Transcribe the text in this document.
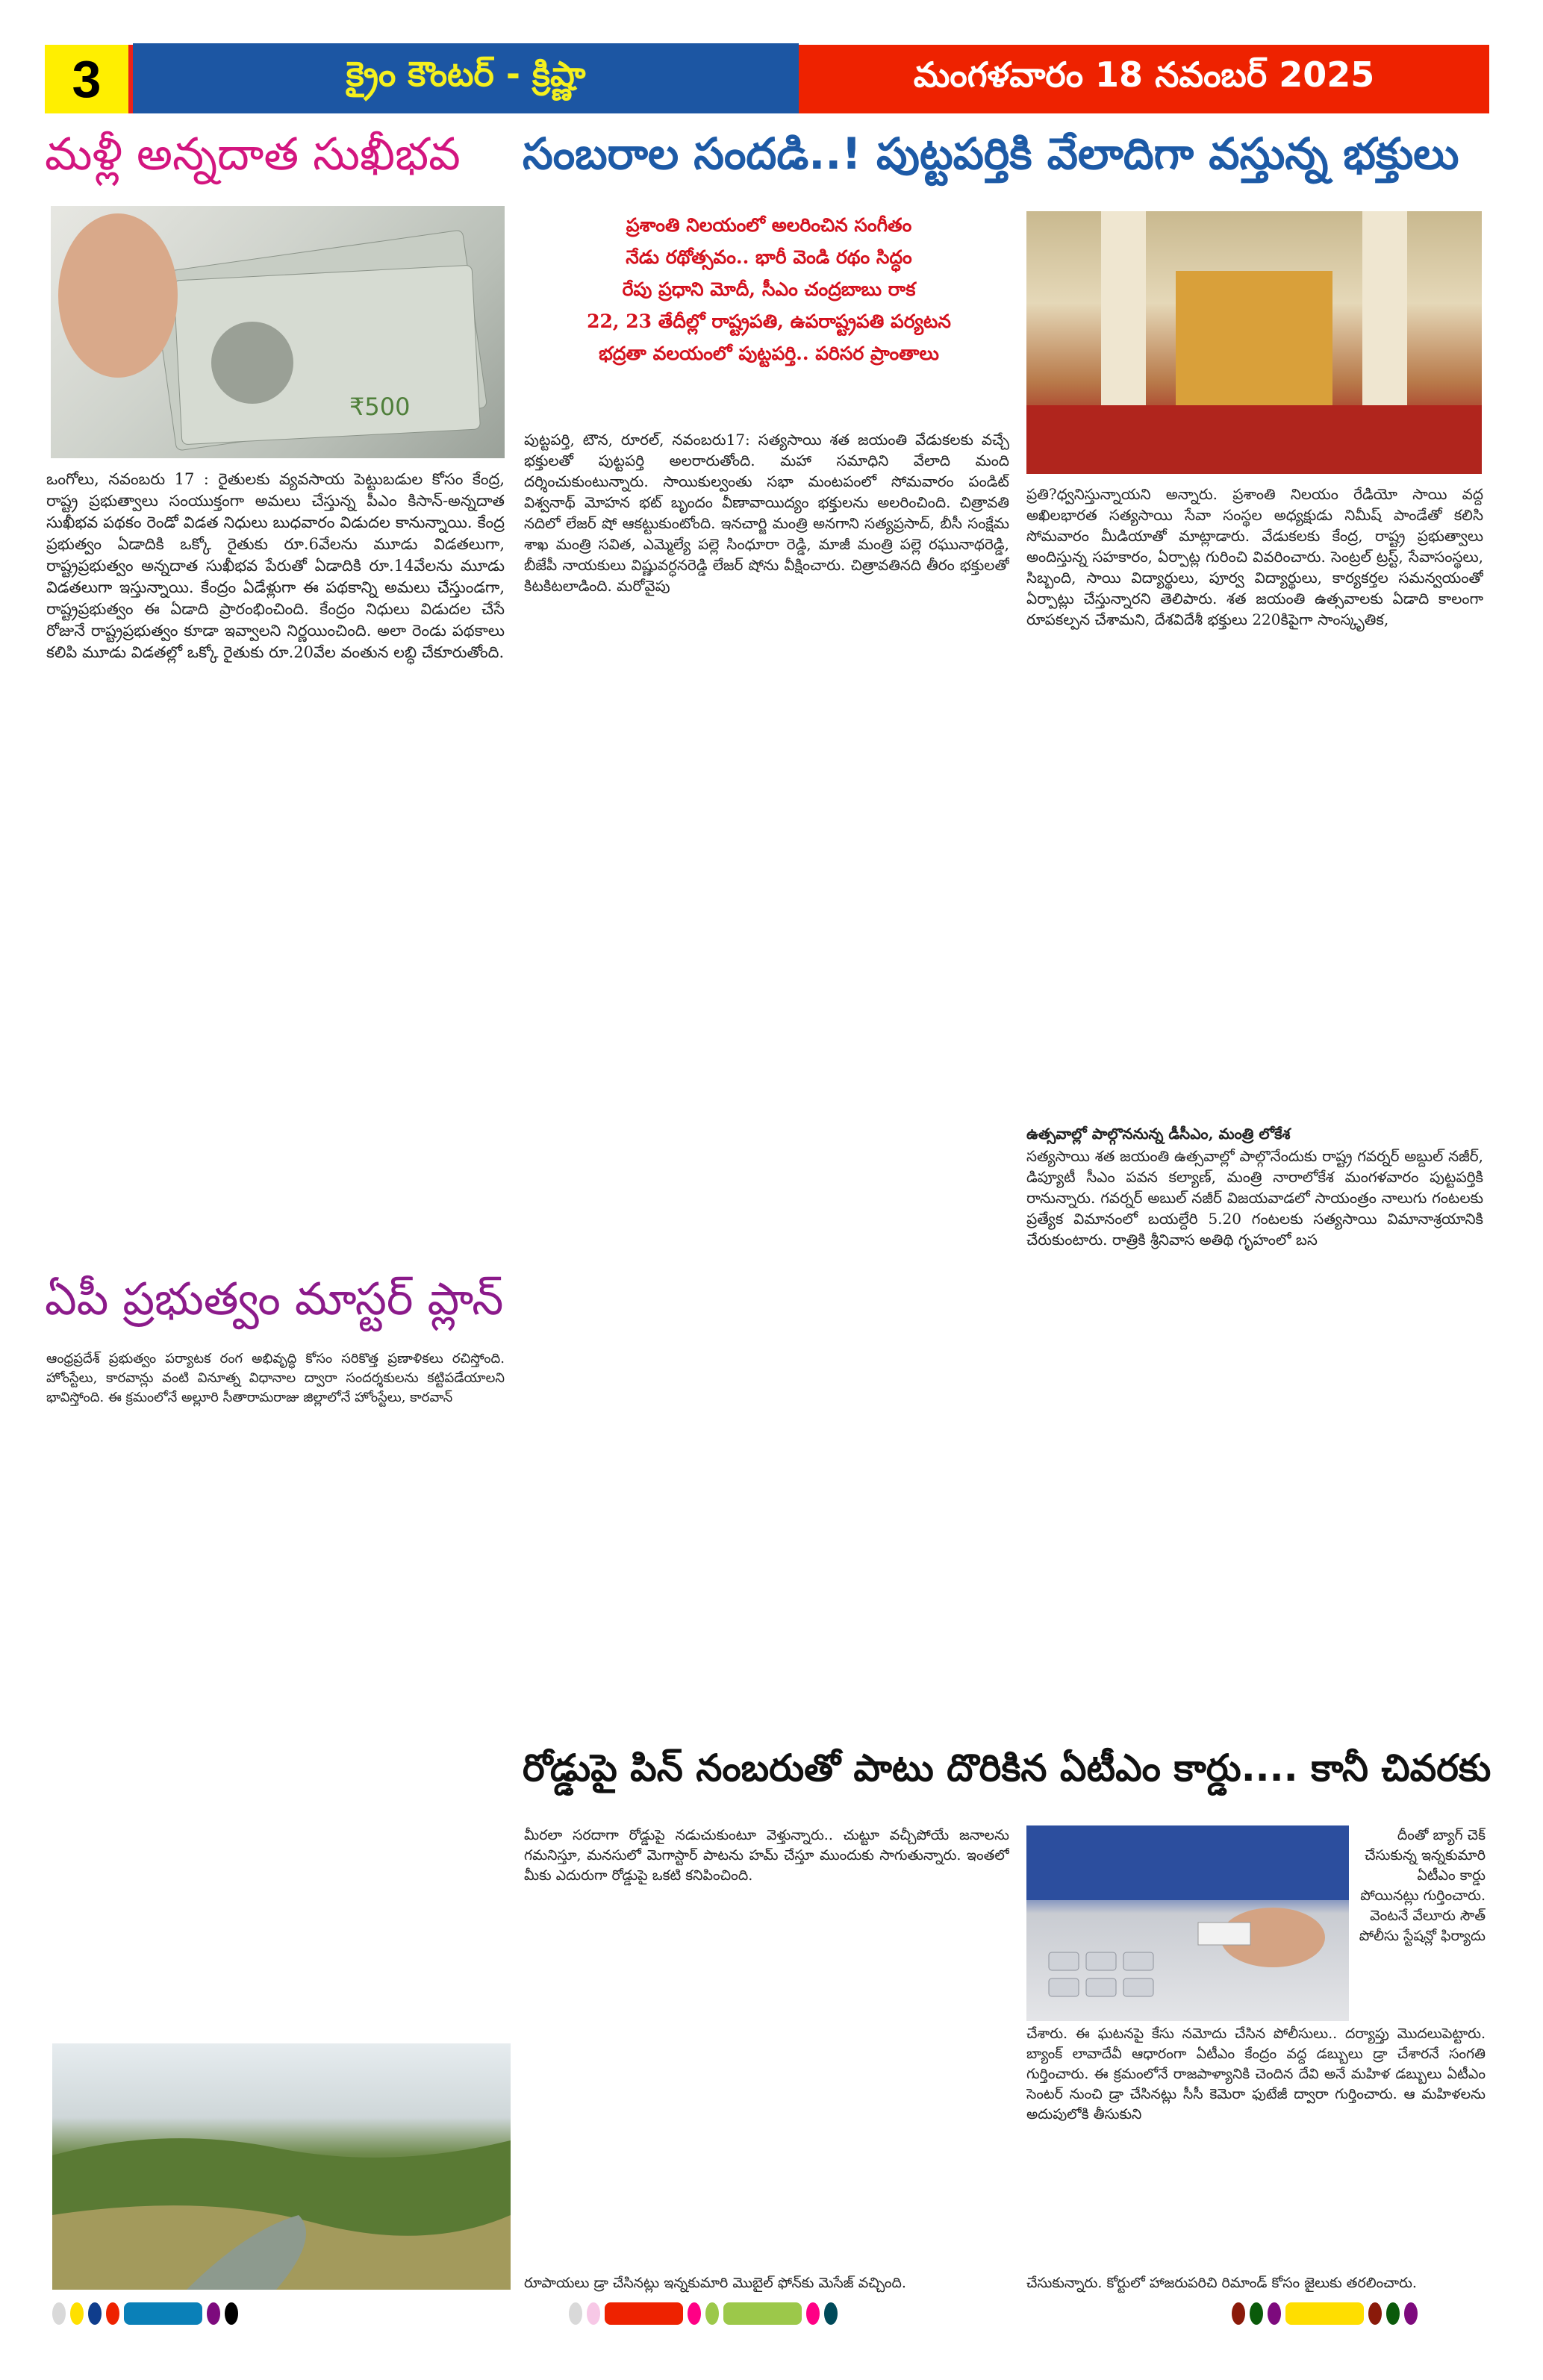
3	క్రైం కౌంటర్ - క్రిష్ణా	మంగళవారం 18 నవంబర్ 2025
మళ్లీ అన్నదాత సుఖీభవ	సంబరాల సందడి..! పుట్టపర్తికి వేలాదిగా వస్తున్న భక్తులు
₹500

ఒంగోలు, నవంబరు 17 : రైతులకు వ్యవసాయ పెట్టుబడుల కోసం కేంద్ర, రాష్ట్ర ప్రభుత్వాలు సంయుక్తంగా అమలు చేస్తున్న పీఎం కిసాన్-అన్నదాత సుఖీభవ పథకం రెండో విడత నిధులు బుధవారం విడుదల కానున్నాయి. కేంద్ర ప్రభుత్వం ఏడాదికి ఒక్కో రైతుకు రూ.6వేలను మూడు విడతలుగా, రాష్ట్రప్రభుత్వం అన్నదాత సుఖీభవ పేరుతో ఏడాదికి రూ.14వేలను మూడు విడతలుగా ఇస్తున్నాయి. కేంద్రం ఏడేళ్లుగా ఈ పథకాన్ని అమలు చేస్తుండగా, రాష్ట్రప్రభుత్వం ఈ ఏడాది ప్రారంభించింది. కేంద్రం నిధులు విడుదల చేసే రోజునే రాష్ట్రప్రభుత్వం కూడా ఇవ్వాలని నిర్ణయించింది. అలా రెండు పథకాలు కలిపి మూడు విడతల్లో ఒక్కో రైతుకు రూ.20వేల వంతున లబ్ధి చేకూరుతోంది.

ఏపీ ప్రభుత్వం మాస్టర్ ప్లాన్

ఆంధ్రప్రదేశ్ ప్రభుత్వం పర్యాటక రంగ అభివృద్ధి కోసం సరికొత్త ప్రణాళికలు రచిస్తోంది. హోంస్టేలు, కారవాన్లు వంటి వినూత్న విధానాల ద్వారా సందర్శకులను కట్టిపడేయాలని భావిస్తోంది. ఈ క్రమంలోనే అల్లూరి సీతారామరాజు జిల్లాలోనే హోంస్టేలు, కారవాన్

ప్రశాంతి నిలయంలో అలరించిన సంగీతం
నేడు రథోత్సవం.. భారీ వెండి రథం సిద్ధం
రేపు ప్రధాని మోదీ, సీఎం చంద్రబాబు రాక
22, 23 తేదీల్లో రాష్ట్రపతి, ఉపరాష్ట్రపతి పర్యటన
భద్రతా వలయంలో పుట్టపర్తి.. పరిసర ప్రాంతాలు

పుట్టపర్తి, టౌన, రూరల్, నవంబరు17: సత్యసాయి శత జయంతి వేడుకలకు వచ్చే భక్తులతో పుట్టపర్తి అలరారుతోంది. మహా సమాధిని వేలాది మంది దర్శించుకుంటున్నారు. సాయికుల్వంతు సభా మంటపంలో సోమవారం పండిట్ విశ్వనాథ్ మోహన భట్ బృందం వీణావాయిద్యం భక్తులను అలరించింది. చిత్రావతి నదిలో లేజర్ షో ఆకట్టుకుంటోంది. ఇనచార్జి మంత్రి అనగాని సత్యప్రసాద్, బీసీ సంక్షేమ శాఖ మంత్రి సవిత, ఎమ్మెల్యే పల్లె సింధూరా రెడ్డి, మాజీ మంత్రి పల్లె రఘునాథరెడ్డి, బీజేపీ నాయకులు విష్ణువర్ధనరెడ్డి లేజర్ షోను వీక్షించారు. చిత్రావతినది తీరం భక్తులతో కిటకిటలాడింది. మరోవైపు

ప్రతి?ధ్వనిస్తున్నాయని అన్నారు. ప్రశాంతి నిలయం రేడియో సాయి వద్ద అఖిలభారత సత్యసాయి సేవా సంస్థల అధ్యక్షుడు నిమీష్ పాండేతో కలిసి సోమవారం మీడియాతో మాట్లాడారు. వేడుకలకు కేంద్ర, రాష్ట్ర ప్రభుత్వాలు అందిస్తున్న సహకారం, ఏర్పాట్ల గురించి వివరించారు. సెంట్రల్ ట్రస్ట్, సేవాసంస్థలు, సిబ్బంది, సాయి విద్యార్థులు, పూర్వ విద్యార్థులు, కార్యకర్తల సమన్వయంతో ఏర్పాట్లు చేస్తున్నారని తెలిపారు. శత జయంతి ఉత్సవాలకు ఏడాది కాలంగా రూపకల్పన చేశామని, దేశవిదేశీ భక్తులు 220కిపైగా సాంస్కృతిక,

ఉత్సవాల్లో పాల్గొననున్న డీసీఎం, మంత్రి లోకేశ

సత్యసాయి శత జయంతి ఉత్సవాల్లో పాల్గొనేందుకు రాష్ట్ర గవర్నర్ అబ్దుల్ నజీర్, డిప్యూటీ సీఎం పవన కల్యాణ్, మంత్రి నారాలోకేశ మంగళవారం పుట్టపర్తికి రానున్నారు. గవర్నర్ అబుల్ నజీర్ విజయవాడలో సాయంత్రం నాలుగు గంటలకు ప్రత్యేక విమానంలో బయల్దేరి 5.20 గంటలకు సత్యసాయి విమానాశ్రయానికి చేరుకుంటారు. రాత్రికి శ్రీనివాస అతిథి గృహంలో బస

రోడ్డుపై పిన్ నంబరుతో పాటు దొరికిన ఏటీఎం కార్డు.... కానీ చివరకు

మీరలా సరదాగా రోడ్డుపై నడుచుకుంటూ వెళ్తున్నారు.. చుట్టూ వచ్చీపోయే జనాలను గమనిస్తూ, మనసులో మెగాస్టార్ పాటను హమ్ చేస్తూ ముందుకు సాగుతున్నారు. ఇంతలో మీకు ఎదురుగా రోడ్డుపై ఒకటి కనిపించింది.

రూపాయలు డ్రా చేసినట్లు ఇన్నకుమారి మొబైల్ ఫోన్‌కు మెసేజ్ వచ్చింది.
దీంతో బ్యాగ్ చెక్ చేసుకున్న ఇన్నకుమారి ఏటీఎం కార్డు పోయినట్లు గుర్తించారు. వెంటనే వేలూరు సౌత్ పోలీసు స్టేషన్లో ఫిర్యాదు
చేశారు. ఈ ఘటనపై కేసు నమోదు చేసిన పోలీసులు.. దర్యాప్తు మొదలుపెట్టారు. బ్యాంక్ లావాదేవీ ఆధారంగా ఏటీఎం కేంద్రం వద్ద డబ్బులు డ్రా చేశారనే సంగతి గుర్తించారు. ఈ క్రమంలోనే రాజపాళ్యానికి చెందిన దేవి అనే మహిళ డబ్బులు ఏటీఎం సెంటర్ నుంచి డ్రా చేసినట్లు సీసీ కెమెరా ఫుటేజీ ద్వారా గుర్తించారు. ఆ మహిళలను అదుపులోకి తీసుకుని
చేసుకున్నారు. కోర్టులో హాజరుపరిచి రిమాండ్ కోసం జైలుకు తరలించారు.
